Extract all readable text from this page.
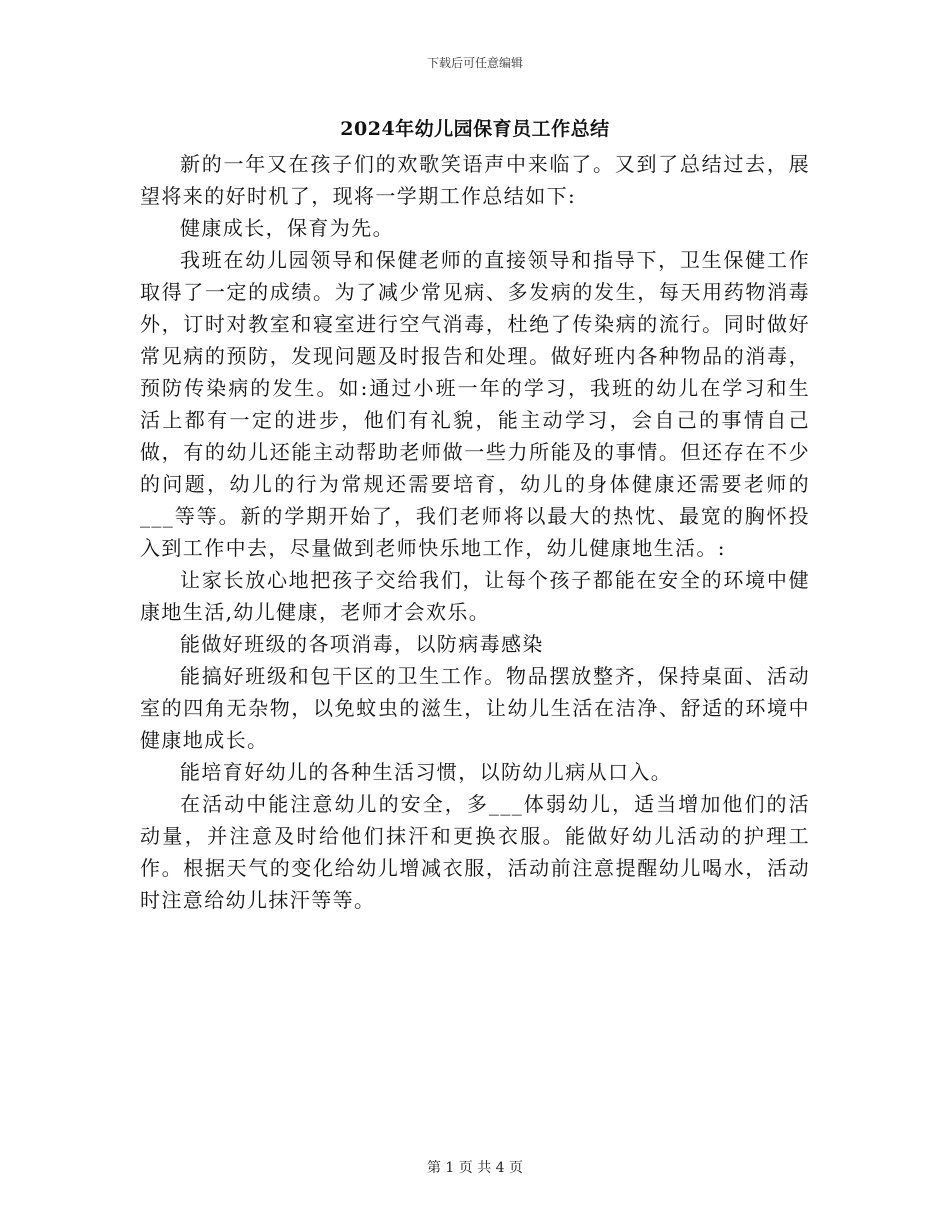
下载后可任意编辑
2024年幼儿园保育员工作总结

新的一年又在孩子们的欢歌笑语声中来临了。又到了总结过去，展望将来的好时机了，现将一学期工作总结如下:

健康成长，保育为先。

我班在幼儿园领导和保健老师的直接领导和指导下，卫生保健工作取得了一定的成绩。为了减少常见病、多发病的发生，每天用药物消毒外，订时对教室和寝室进行空气消毒，杜绝了传染病的流行。同时做好常见病的预防，发现问题及时报告和处理。做好班内各种物品的消毒，预防传染病的发生。如:通过小班一年的学习，我班的幼儿在学习和生活上都有一定的进步，他们有礼貌，能主动学习，会自己的事情自己做，有的幼儿还能主动帮助老师做一些力所能及的事情。但还存在不少的问题，幼儿的行为常规还需要培育，幼儿的身体健康还需要老师的___等等。新的学期开始了，我们老师将以最大的热忱、最宽的胸怀投入到工作中去，尽量做到老师快乐地工作，幼儿健康地生活。:

让家长放心地把孩子交给我们，让每个孩子都能在安全的环境中健康地生活,幼儿健康，老师才会欢乐。

能做好班级的各项消毒，以防病毒感染

能搞好班级和包干区的卫生工作。物品摆放整齐，保持桌面、活动室的四角无杂物，以免蚊虫的滋生，让幼儿生活在洁净、舒适的环境中健康地成长。

能培育好幼儿的各种生活习惯，以防幼儿病从口入。

在活动中能注意幼儿的安全，多___体弱幼儿，适当增加他们的活动量，并注意及时给他们抹汗和更换衣服。能做好幼儿活动的护理工作。根据天气的变化给幼儿增减衣服，活动前注意提醒幼儿喝水，活动时注意给幼儿抹汗等等。

第 1 页 共 4 页
